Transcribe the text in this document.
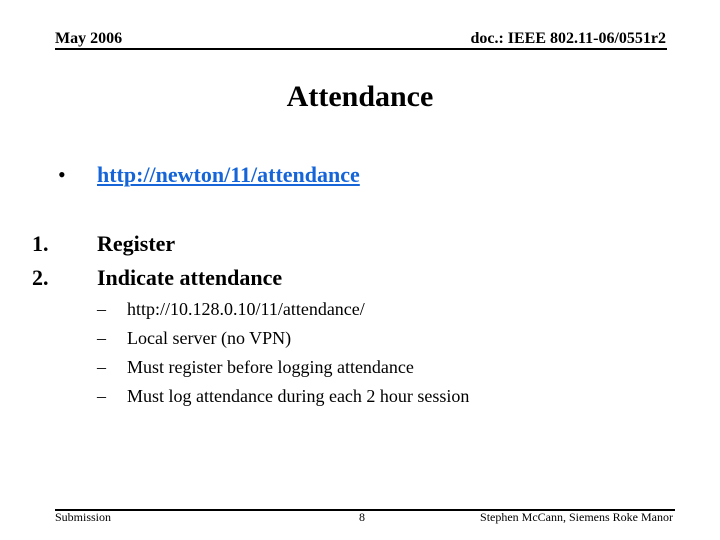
May 2006	doc.: IEEE 802.11-06/0551r2
Attendance
• http://newton/11/attendance
1. Register
2. Indicate attendance
– http://10.128.0.10/11/attendance/
– Local server (no VPN)
– Must register before logging attendance
– Must log attendance during each 2 hour session
Submission	8	Stephen McCann, Siemens Roke Manor
